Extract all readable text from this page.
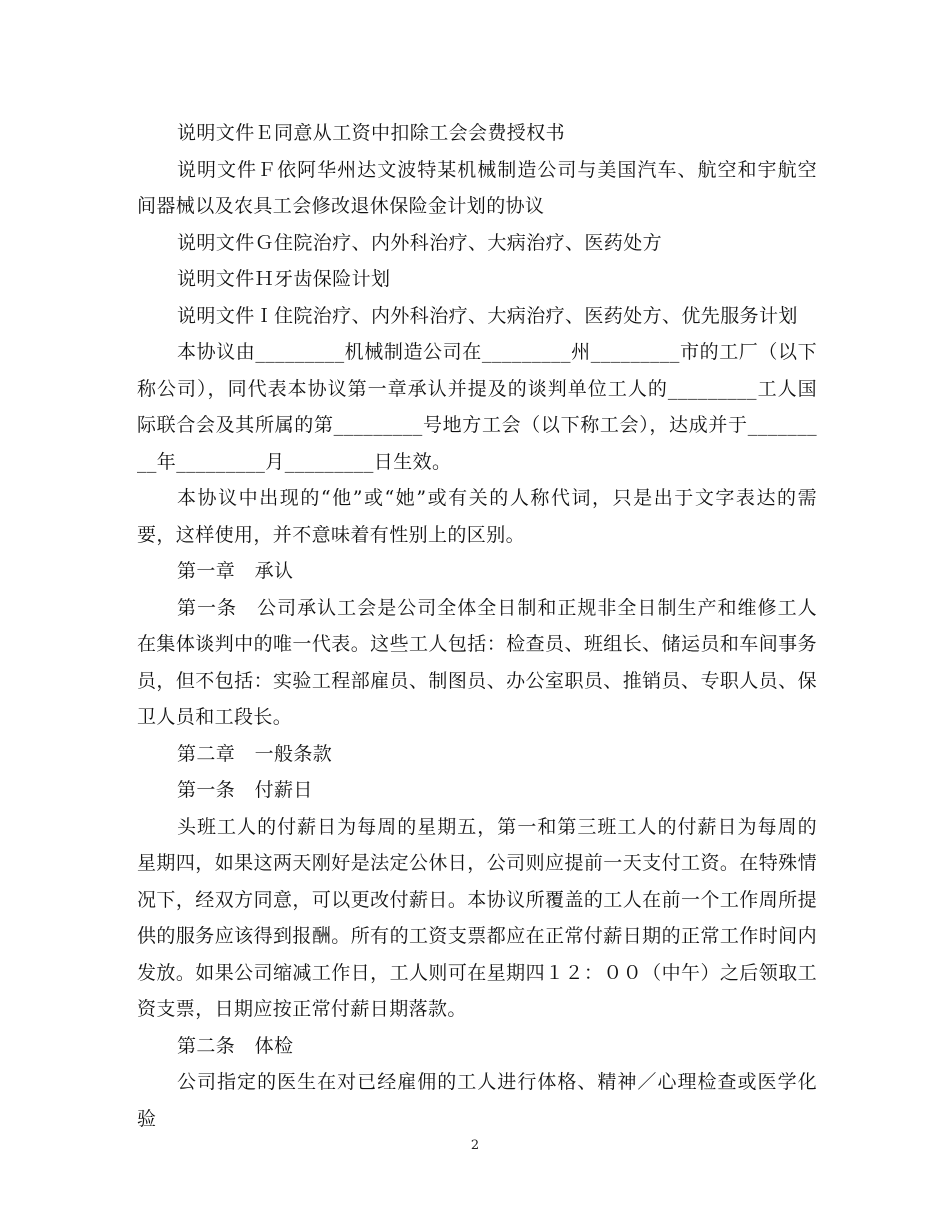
说明文件Ｅ同意从工资中扣除工会会费授权书

说明文件Ｆ依阿华州达文波特某机械制造公司与美国汽车、航空和宇航空间器械以及农具工会修改退休保险金计划的协议

说明文件Ｇ住院治疗、内外科治疗、大病治疗、医药处方

说明文件Ｈ牙齿保险计划

说明文件Ｉ住院治疗、内外科治疗、大病治疗、医药处方、优先服务计划

本协议由_________机械制造公司在_________州_________市的工厂（以下称公司），同代表本协议第一章承认并提及的谈判单位工人的_________工人国际联合会及其所属的第_________号地方工会（以下称工会），达成并于_________年_________月_________日生效。

本协议中出现的“他”或“她”或有关的人称代词，只是出于文字表达的需要，这样使用，并不意味着有性别上的区别。

第一章　承认

第一条　公司承认工会是公司全体全日制和正规非全日制生产和维修工人在集体谈判中的唯一代表。这些工人包括：检查员、班组长、储运员和车间事务员，但不包括：实验工程部雇员、制图员、办公室职员、推销员、专职人员、保卫人员和工段长。

第二章　一般条款

第一条　付薪日

头班工人的付薪日为每周的星期五，第一和第三班工人的付薪日为每周的星期四，如果这两天刚好是法定公休日，公司则应提前一天支付工资。在特殊情况下，经双方同意，可以更改付薪日。本协议所覆盖的工人在前一个工作周所提供的服务应该得到报酬。所有的工资支票都应在正常付薪日期的正常工作时间内发放。如果公司缩减工作日，工人则可在星期四１２：００（中午）之后领取工资支票，日期应按正常付薪日期落款。

第二条　体检

公司指定的医生在对已经雇佣的工人进行体格、精神／心理检查或医学化验

2
